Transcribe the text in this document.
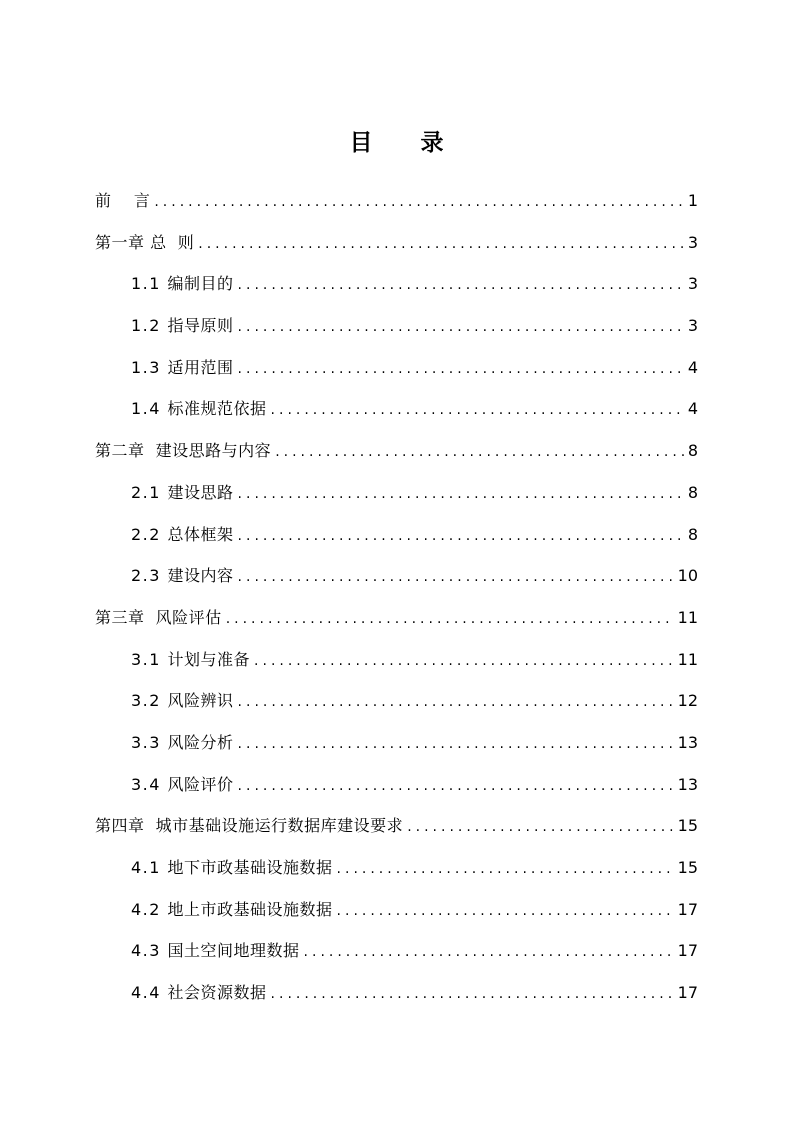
目 录
前    言 .....	1
第一章 总  则 .....	3
1.1 编制目的 .....	3
1.2 指导原则 .....	3
1.3 适用范围 .....	4
1.4 标准规范依据 .....	4
第二章  建设思路与内容 .....	8
2.1 建设思路 .....	8
2.2 总体框架 .....	8
2.3 建设内容 .....	10
第三章  风险评估 .....	11
3.1 计划与准备 .....	11
3.2 风险辨识 .....	12
3.3 风险分析 .....	13
3.4 风险评价 .....	13
第四章  城市基础设施运行数据库建设要求 .....	15
4.1 地下市政基础设施数据 .....	15
4.2 地上市政基础设施数据 .....	17
4.3 国土空间地理数据 .....	17
4.4 社会资源数据 .....	17
